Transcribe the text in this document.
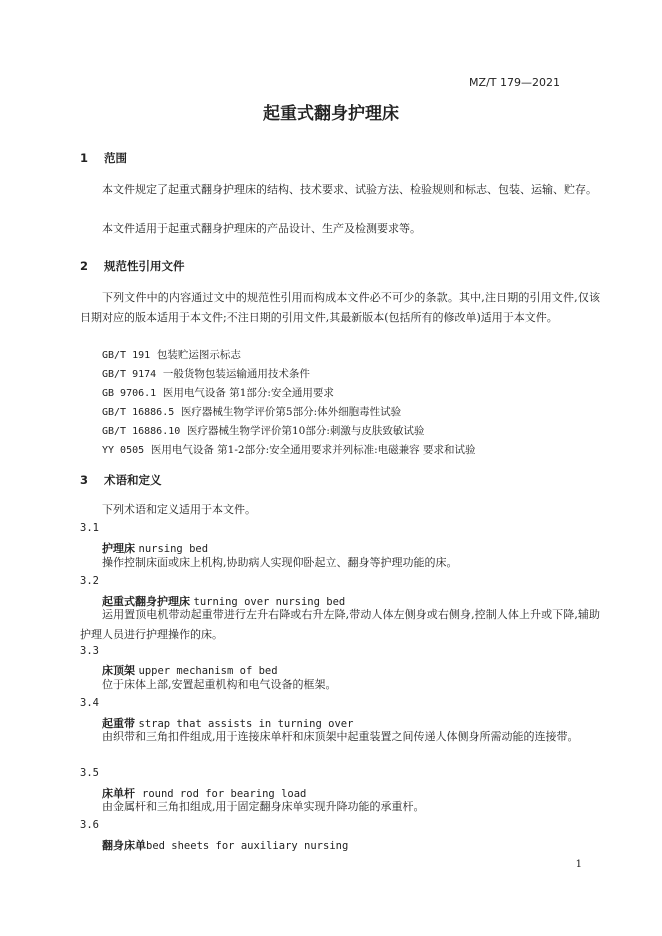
MZ/T 179—2021
起重式翻身护理床
1 范围
本文件规定了起重式翻身护理床的结构、技术要求、试验方法、检验规则和标志、包装、运输、贮存。
本文件适用于起重式翻身护理床的产品设计、生产及检测要求等。
2 规范性引用文件
下列文件中的内容通过文中的规范性引用而构成本文件必不可少的条款。其中,注日期的引用文件,仅该日期对应的版本适用于本文件;不注日期的引用文件,其最新版本(包括所有的修改单)适用于本文件。
GB/T 191 包装贮运图示标志
GB/T 9174 一般货物包装运输通用技术条件
GB 9706.1 医用电气设备 第1部分:安全通用要求
GB/T 16886.5 医疗器械生物学评价第5部分:体外细胞毒性试验
GB/T 16886.10 医疗器械生物学评价第10部分:刺激与皮肤致敏试验
YY 0505 医用电气设备 第1-2部分:安全通用要求并列标准:电磁兼容 要求和试验
3 术语和定义
下列术语和定义适用于本文件。
3.1
护理床 nursing bed
操作控制床面或床上机构,协助病人实现仰卧起立、翻身等护理功能的床。
3.2
起重式翻身护理床 turning over nursing bed
运用置顶电机带动起重带进行左升右降或右升左降,带动人体左侧身或右侧身,控制人体上升或下降,辅助护理人员进行护理操作的床。
3.3
床顶架 upper mechanism of bed
位于床体上部,安置起重机构和电气设备的框架。
3.4
起重带 strap that assists in turning over
由织带和三角扣件组成,用于连接床单杆和床顶架中起重装置之间传递人体侧身所需动能的连接带。
3.5
床单杆 round rod for bearing load
由金属杆和三角扣组成,用于固定翻身床单实现升降功能的承重杆。
3.6
翻身床单bed sheets for auxiliary nursing
1
